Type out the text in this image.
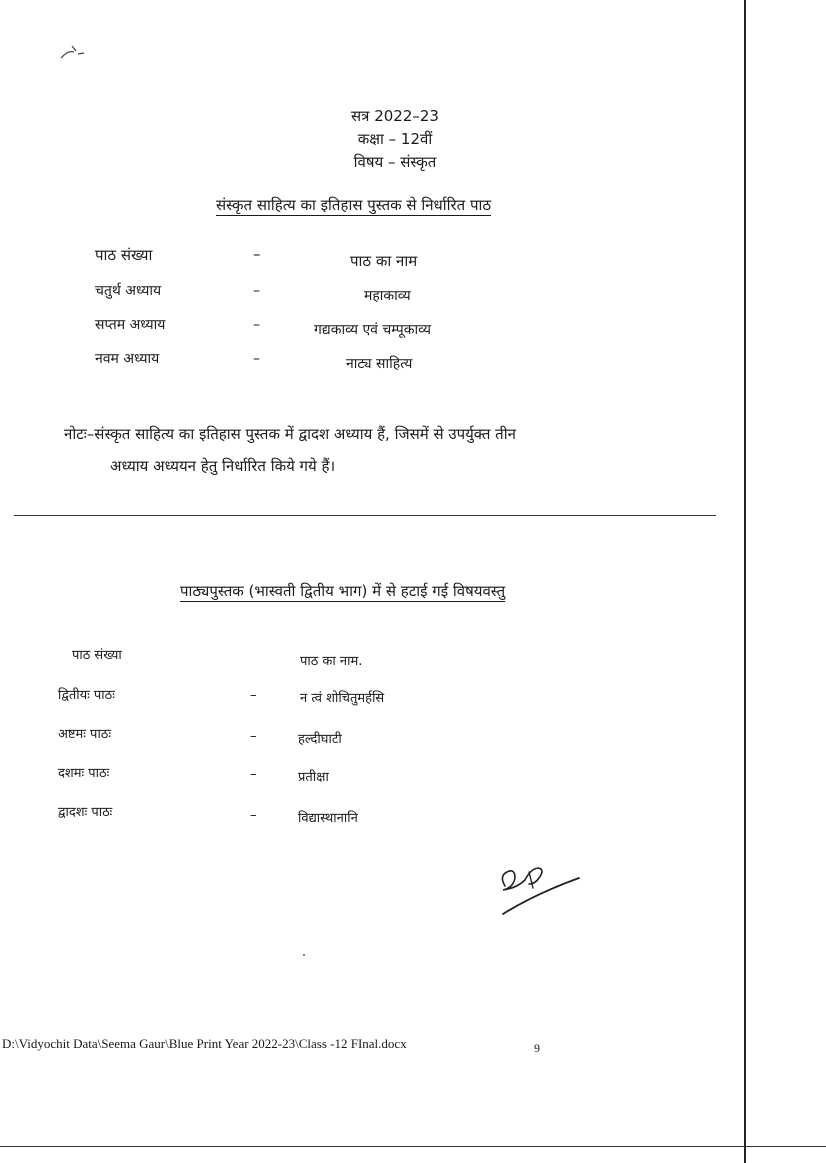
सत्र 2022–23
कक्षा – 12वीं
विषय – संस्कृत
संस्कृत साहित्य का इतिहास पुस्तक से निर्धारित पाठ
पाठ संख्या	–	पाठ का नाम
चतुर्थ अध्याय	–	महाकाव्य
सप्तम अध्याय	–	गद्यकाव्य एवं चम्पूकाव्य
नवम अध्याय	–	नाट्य साहित्य
नोटः–संस्कृत साहित्य का इतिहास पुस्तक में द्वादश अध्याय हैं, जिसमें से उपर्युक्त तीन
अध्याय अध्ययन हेतु निर्धारित किये गये हैं।
पाठ्यपुस्तक (भास्वती द्वितीय भाग) में से हटाई गई विषयवस्तु
पाठ संख्या	पाठ का नाम.
द्वितीयः पाठः	–	न त्वं शोचितुमर्हसि
अष्टमः पाठः	–	हल्दीघाटी
दशमः पाठः	–	प्रतीक्षा
द्वादशः पाठः	–	विद्यास्थानानि
D:\Vidyochit Data\Seema Gaur\Blue Print Year 2022-23\Class -12 FInal.docx	9
